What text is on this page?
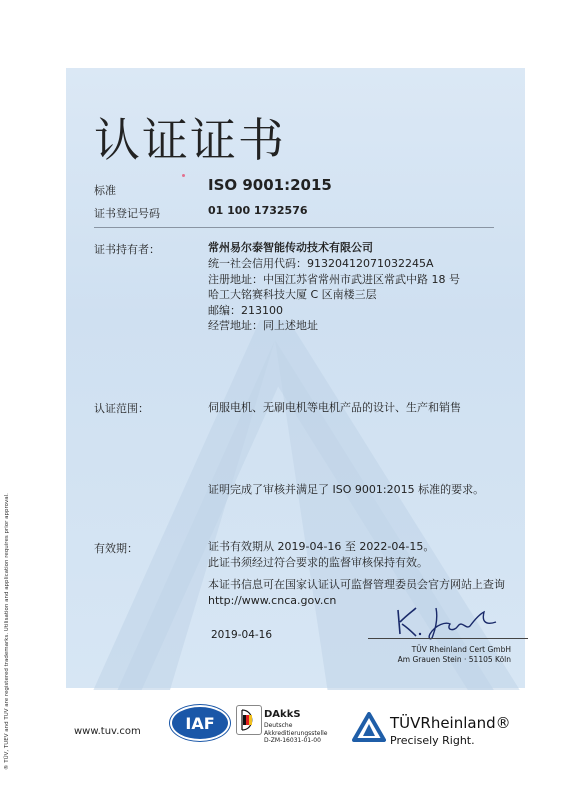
认证证书
标准	ISO 9001:2015
证书登记号码	01 100 1732576
证书持有者：	常州易尔泰智能传动技术有限公司
统一社会信用代码：91320412071032245A
注册地址：中国江苏省常州市武进区常武中路 18 号
哈工大铭赛科技大厦 C 区南楼三层
邮编：213100
经营地址：同上述地址
认证范围：	伺服电机、无刷电机等电机产品的设计、生产和销售
证明完成了审核并满足了 ISO 9001:2015 标准的要求。
有效期：	证书有效期从 2019-04-16 至 2022-04-15。
此证书须经过符合要求的监督审核保持有效。
本证书信息可在国家认证认可监督管理委员会官方网站上查询
http://www.cnca.gov.cn
2019-04-16
TÜV Rheinland Cert GmbH
Am Grauen Stein · 51105 Köln
www.tuv.com	IAF	DAkkS
Deutsche
Akkreditierungsstelle
D-ZM-16031-01-00
TÜVRheinland®
Precisely Right.
® TÜV, TUEV and TUV are registered trademarks. Utilisation and application requires prior approval.
